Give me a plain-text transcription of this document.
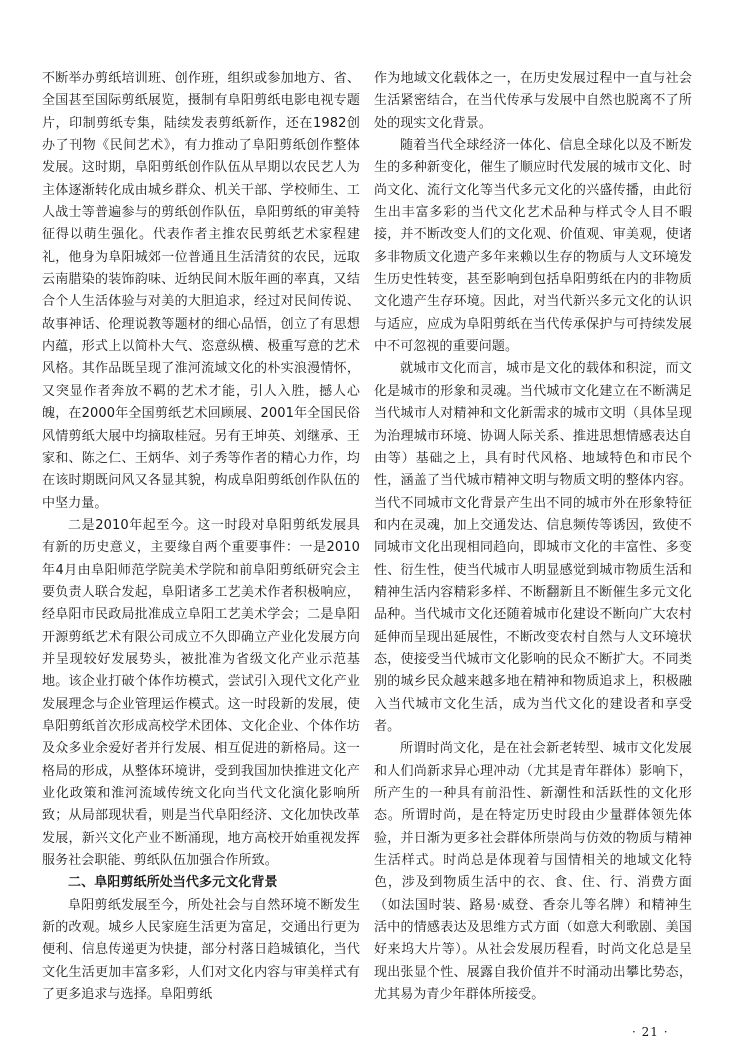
不断举办剪纸培训班、创作班，组织或参加地方、省、全国甚至国际剪纸展览，摄制有阜阳剪纸电影电视专题片，印制剪纸专集，陆续发表剪纸新作，还在1982创办了刊物《民间艺术》，有力推动了阜阳剪纸创作整体发展。这时期，阜阳剪纸创作队伍从早期以农民艺人为主体逐渐转化成由城乡群众、机关干部、学校师生、工人战士等普遍参与的剪纸创作队伍，阜阳剪纸的审美特征得以萌生强化。代表作者主推农民剪纸艺术家程建礼，他身为阜阳城郊一位普通且生活清贫的农民，远取云南腊染的装饰韵味、近纳民间木版年画的率真，又结合个人生活体验与对美的大胆追求，经过对民间传说、故事神话、伦理说教等题材的细心品悟，创立了有思想内蕴，形式上以简朴大气、恣意纵横、极重写意的艺术风格。其作品既呈现了淮河流域文化的朴实浪漫情怀，又突显作者奔放不羁的艺术才能，引人入胜，撼人心魄，在2000年全国剪纸艺术回顾展、2001年全国民俗风情剪纸大展中均摘取桂冠。另有王坤英、刘继承、王家和、陈之仁、王炳华、刘子秀等作者的精心力作，均在该时期既问风又各显其貌，构成阜阳剪纸创作队伍的中坚力量。

二是2010年起至今。这一时段对阜阳剪纸发展具有新的历史意义，主要缘自两个重要事件：一是2010年4月由阜阳师范学院美术学院和前阜阳剪纸研究会主要负责人联合发起，阜阳诸多工艺美术作者积极响应，经阜阳市民政局批准成立阜阳工艺美术学会；二是阜阳开源剪纸艺术有限公司成立不久即确立产业化发展方向并呈现较好发展势头，被批准为省级文化产业示范基地。该企业打破个体作坊模式，尝试引入现代文化产业发展理念与企业管理运作模式。这一时段新的发展，使阜阳剪纸首次形成高校学术团体、文化企业、个体作坊及众多业余爱好者并行发展、相互促进的新格局。这一格局的形成，从整体环境讲，受到我国加快推进文化产业化政策和淮河流域传统文化向当代文化演化影响所致；从局部现状看，则是当代阜阳经济、文化加快改革发展，新兴文化产业不断涌现，地方高校开始重视发挥服务社会职能、剪纸队伍加强合作所致。

二、阜阳剪纸所处当代多元文化背景

阜阳剪纸发展至今，所处社会与自然环境不断发生新的改观。城乡人民家庭生活更为富足，交通出行更为便利、信息传递更为快捷，部分村落日趋城镇化，当代文化生活更加丰富多彩，人们对文化内容与审美样式有了更多追求与选择。阜阳剪纸

作为地域文化载体之一，在历史发展过程中一直与社会生活紧密结合，在当代传承与发展中自然也脱离不了所处的现实文化背景。

随着当代全球经济一体化、信息全球化以及不断发生的多种新变化，催生了顺应时代发展的城市文化、时尚文化、流行文化等当代多元文化的兴盛传播，由此衍生出丰富多彩的当代文化艺术品种与样式令人目不暇接，并不断改变人们的文化观、价值观、审美观，使诸多非物质文化遗产多年来赖以生存的物质与人文环境发生历史性转变，甚至影响到包括阜阳剪纸在内的非物质文化遗产生存环境。因此，对当代新兴多元文化的认识与适应，应成为阜阳剪纸在当代传承保护与可持续发展中不可忽视的重要问题。

就城市文化而言，城市是文化的载体和积淀，而文化是城市的形象和灵魂。当代城市文化建立在不断满足当代城市人对精神和文化新需求的城市文明（具体呈现为治理城市环境、协调人际关系、推进思想情感表达自由等）基础之上，具有时代风格、地域特色和市民个性，涵盖了当代城市精神文明与物质文明的整体内容。当代不同城市文化背景产生出不同的城市外在形象特征和内在灵魂，加上交通发达、信息频传等诱因，致使不同城市文化出现相同趋向，即城市文化的丰富性、多变性、衍生性，使当代城市人明显感觉到城市物质生活和精神生活内容精彩多样、不断翻新且不断催生多元文化品种。当代城市文化还随着城市化建设不断向广大农村延伸而呈现出延展性，不断改变农村自然与人文环境状态，使接受当代城市文化影响的民众不断扩大。不同类别的城乡民众越来越多地在精神和物质追求上，积极融入当代城市文化生活，成为当代文化的建设者和享受者。

所谓时尚文化，是在社会新老转型、城市文化发展和人们尚新求异心理冲动（尤其是青年群体）影响下，所产生的一种具有前沿性、新潮性和活跃性的文化形态。所谓时尚，是在特定历史时段由少量群体领先体验，并日渐为更多社会群体所崇尚与仿效的物质与精神生活样式。时尚总是体现着与国情相关的地域文化特色，涉及到物质生活中的衣、食、住、行、消费方面（如法国时装、路易·威登、香奈儿等名牌）和精神生活中的情感表达及思维方式方面（如意大利歌剧、美国好来坞大片等）。从社会发展历程看，时尚文化总是呈现出张显个性、展露自我价值并不时涌动出攀比势态，尤其易为青少年群体所接受。

· 21 ·
